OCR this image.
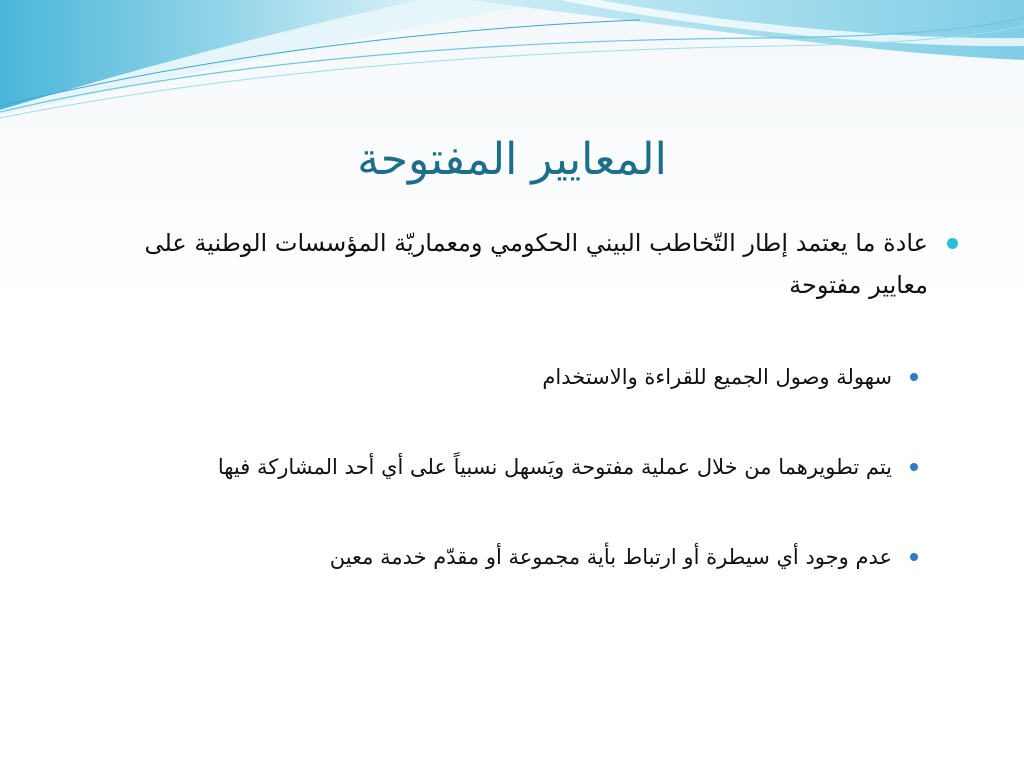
المعايير المفتوحة

عادة ما يعتمد إطار التّخاطب البيني الحكومي ومعماريّة المؤسسات الوطنية على معايير مفتوحة

سهولة وصول الجميع للقراءة والاستخدام

يتم تطويرهما من خلال عملية مفتوحة ويَسهل نسبياً على أي أحد المشاركة فيها

عدم وجود أي سيطرة أو ارتباط بأية مجموعة أو مقدّم خدمة معين
